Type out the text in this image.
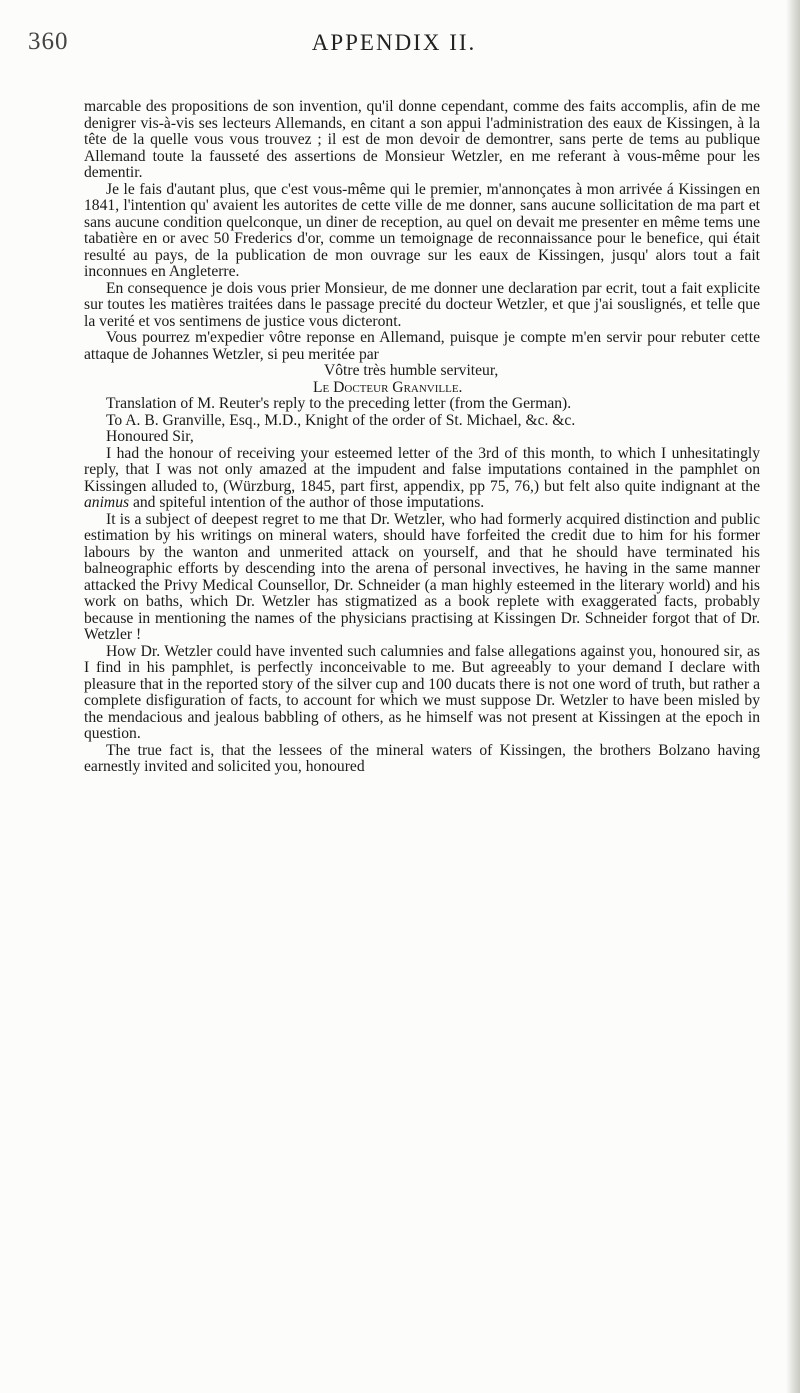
360	APPENDIX II.

marcable des propositions de son invention, qu'il donne cependant, comme des faits accomplis, afin de me denigrer vis-à-vis ses lecteurs Allemands, en citant a son appui l'administration des eaux de Kissingen, à la tête de la quelle vous vous trouvez ; il est de mon devoir de demontrer, sans perte de tems au publique Allemand toute la fausseté des assertions de Monsieur Wetzler, en me referant à vous-même pour les dementir.

Je le fais d'autant plus, que c'est vous-même qui le premier, m'annonçates à mon arrivée á Kissingen en 1841, l'intention qu' avaient les autorites de cette ville de me donner, sans aucune sollicitation de ma part et sans aucune condition quelconque, un diner de reception, au quel on devait me presenter en même tems une tabatière en or avec 50 Frederics d'or, comme un temoignage de reconnaissance pour le benefice, qui était resulté au pays, de la publication de mon ouvrage sur les eaux de Kissingen, jusqu' alors tout a fait inconnues en Angleterre.

En consequence je dois vous prier Monsieur, de me donner une declaration par ecrit, tout a fait explicite sur toutes les matières traitées dans le passage precité du docteur Wetzler, et que j'ai souslignés, et telle que la verité et vos sentimens de justice vous dicteront.

Vous pourrez m'expedier vôtre reponse en Allemand, puisque je compte m'en servir pour rebuter cette attaque de Johannes Wetzler, si peu meritée par

Vôtre très humble serviteur,

Le Docteur Granville.

Translation of M. Reuter's reply to the preceding letter (from the German).

To A. B. Granville, Esq., M.D., Knight of the order of St. Michael, &c. &c.

Honoured Sir,

I had the honour of receiving your esteemed letter of the 3rd of this month, to which I unhesitatingly reply, that I was not only amazed at the impudent and false imputations contained in the pamphlet on Kissingen alluded to, (Würzburg, 1845, part first, appendix, pp 75, 76,) but felt also quite indignant at the animus and spiteful intention of the author of those imputations.

It is a subject of deepest regret to me that Dr. Wetzler, who had formerly acquired distinction and public estimation by his writings on mineral waters, should have forfeited the credit due to him for his former labours by the wanton and unmerited attack on yourself, and that he should have terminated his balneographic efforts by descending into the arena of personal invectives, he having in the same manner attacked the Privy Medical Counsellor, Dr. Schneider (a man highly esteemed in the literary world) and his work on baths, which Dr. Wetzler has stigmatized as a book replete with exaggerated facts, probably because in mentioning the names of the physicians practising at Kissingen Dr. Schneider forgot that of Dr. Wetzler !

How Dr. Wetzler could have invented such calumnies and false allegations against you, honoured sir, as I find in his pamphlet, is perfectly inconceivable to me. But agreeably to your demand I declare with pleasure that in the reported story of the silver cup and 100 ducats there is not one word of truth, but rather a complete disfiguration of facts, to account for which we must suppose Dr. Wetzler to have been misled by the mendacious and jealous babbling of others, as he himself was not present at Kissingen at the epoch in question.

The true fact is, that the lessees of the mineral waters of Kissingen, the brothers Bolzano having earnestly invited and solicited you, honoured
